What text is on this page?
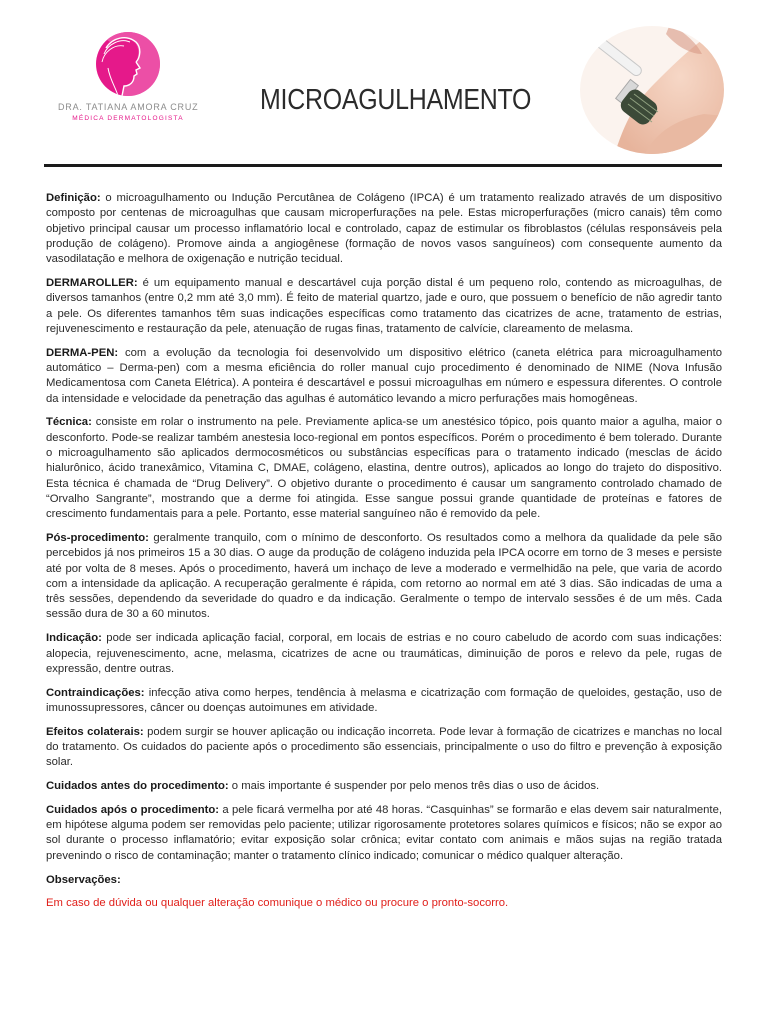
DRA. TATIANA AMORA CRUZ
MÉDICA DERMATOLOGISTA
MICROAGULHAMENTO

Definição: o microagulhamento ou Indução Percutânea de Colágeno (IPCA) é um tratamento realizado através de um dispositivo composto por centenas de microagulhas que causam microperfurações na pele. Estas microperfurações (micro canais) têm como objetivo principal causar um processo inflamatório local e controlado, capaz de estimular os fibroblastos (células responsáveis pela produção de colágeno). Promove ainda a angiogênese (formação de novos vasos sanguíneos) com consequente aumento da vasodilatação e melhora de oxigenação e nutrição tecidual.

DERMAROLLER: é um equipamento manual e descartável cuja porção distal é um pequeno rolo, contendo as microagulhas, de diversos tamanhos (entre 0,2 mm até 3,0 mm). É feito de material quartzo, jade e ouro, que possuem o benefício de não agredir tanto a pele. Os diferentes tamanhos têm suas indicações específicas como tratamento das cicatrizes de acne, tratamento de estrias, rejuvenescimento e restauração da pele, atenuação de rugas finas, tratamento de calvície, clareamento de melasma.

DERMA-PEN: com a evolução da tecnologia foi desenvolvido um dispositivo elétrico (caneta elétrica para microagulhamento automático – Derma-pen) com a mesma eficiência do roller manual cujo procedimento é denominado de NIME (Nova Infusão Medicamentosa com Caneta Elétrica). A ponteira é descartável e possui microagulhas em número e espessura diferentes. O controle da intensidade e velocidade da penetração das agulhas é automático levando a micro perfurações mais homogêneas.

Técnica: consiste em rolar o instrumento na pele. Previamente aplica-se um anestésico tópico, pois quanto maior a agulha, maior o desconforto. Pode-se realizar também anestesia loco-regional em pontos específicos. Porém o procedimento é bem tolerado. Durante o microagulhamento são aplicados dermocosméticos ou substâncias específicas para o tratamento indicado (mesclas de ácido hialurônico, ácido tranexâmico, Vitamina C, DMAE, colágeno, elastina, dentre outros), aplicados ao longo do trajeto do dispositivo. Esta técnica é chamada de “Drug Delivery”. O objetivo durante o procedimento é causar um sangramento controlado chamado de “Orvalho Sangrante”, mostrando que a derme foi atingida. Esse sangue possui grande quantidade de proteínas e fatores de crescimento fundamentais para a pele. Portanto, esse material sanguíneo não é removido da pele.

Pós-procedimento: geralmente tranquilo, com o mínimo de desconforto. Os resultados como a melhora da qualidade da pele são percebidos já nos primeiros 15 a 30 dias. O auge da produção de colágeno induzida pela IPCA ocorre em torno de 3 meses e persiste até por volta de 8 meses. Após o procedimento, haverá um inchaço de leve a moderado e vermelhidão na pele, que varia de acordo com a intensidade da aplicação. A recuperação geralmente é rápida, com retorno ao normal em até 3 dias. São indicadas de uma a três sessões, dependendo da severidade do quadro e da indicação. Geralmente o tempo de intervalo sessões é de um mês. Cada sessão dura de 30 a 60 minutos.

Indicação: pode ser indicada aplicação facial, corporal, em locais de estrias e no couro cabeludo de acordo com suas indicações: alopecia, rejuvenescimento, acne, melasma, cicatrizes de acne ou traumáticas, diminuição de poros e relevo da pele, rugas de expressão, dentre outras.

Contraindicações: infecção ativa como herpes, tendência à melasma e cicatrização com formação de queloides, gestação, uso de imunossupressores, câncer ou doenças autoimunes em atividade.

Efeitos colaterais: podem surgir se houver aplicação ou indicação incorreta. Pode levar à formação de cicatrizes e manchas no local do tratamento. Os cuidados do paciente após o procedimento são essenciais, principalmente o uso do filtro e prevenção à exposição solar.

Cuidados antes do procedimento: o mais importante é suspender por pelo menos três dias o uso de ácidos.

Cuidados após o procedimento: a pele ficará vermelha por até 48 horas. “Casquinhas” se formarão e elas devem sair naturalmente, em hipótese alguma podem ser removidas pelo paciente; utilizar rigorosamente protetores solares químicos e físicos; não se expor ao sol durante o processo inflamatório; evitar exposição solar crônica; evitar contato com animais e mãos sujas na região tratada prevenindo o risco de contaminação; manter o tratamento clínico indicado; comunicar o médico qualquer alteração.

Observações:

Em caso de dúvida ou qualquer alteração comunique o médico ou procure o pronto-socorro.
